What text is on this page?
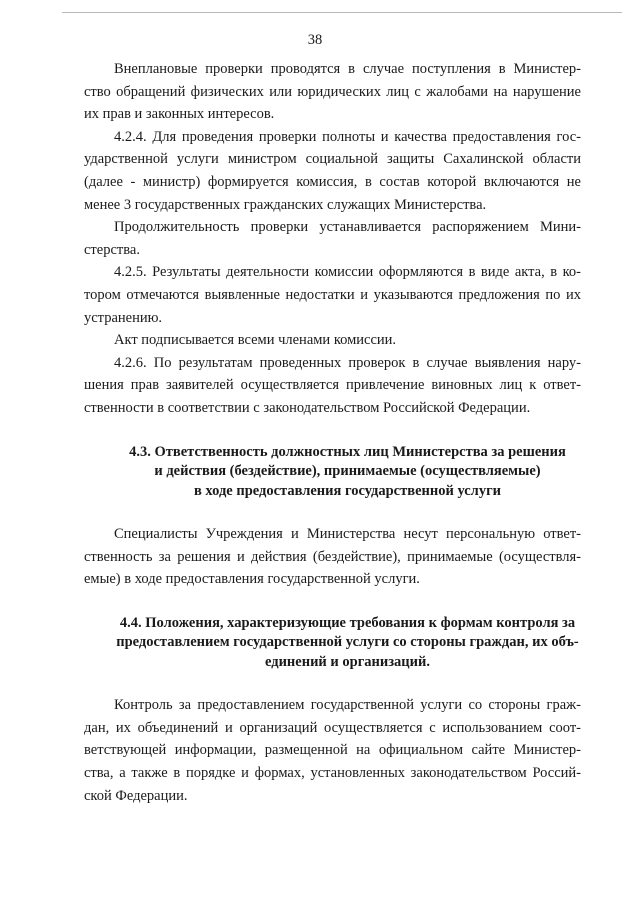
38
Внеплановые проверки проводятся в случае поступления в Министер-
ство обращений физических или юридических лиц с жалобами на нарушение
их прав и законных интересов.
4.2.4. Для проведения проверки полноты и качества предоставления гос-
ударственной услуги министром социальной защиты Сахалинской области
(далее - министр) формируется комиссия, в состав которой включаются не
менее 3 государственных гражданских служащих Министерства.
Продолжительность проверки устанавливается распоряжением Мини-
стерства.
4.2.5. Результаты деятельности комиссии оформляются в виде акта, в ко-
тором отмечаются выявленные недостатки и указываются предложения по их
устранению.
Акт подписывается всеми членами комиссии.
4.2.6. По результатам проведенных проверок в случае выявления нару-
шения прав заявителей осуществляется привлечение виновных лиц к ответ-
ственности в соответствии с законодательством Российской Федерации.
4.3. Ответственность должностных лиц Министерства за решения
и действия (бездействие), принимаемые (осуществляемые)
в ходе предоставления государственной услуги
Специалисты Учреждения и Министерства несут персональную ответ-
ственность за решения и действия (бездействие), принимаемые (осуществля-
емые) в ходе предоставления государственной услуги.
4.4. Положения, характеризующие требования к формам контроля за
предоставлением государственной услуги со стороны граждан, их объ-
единений и организаций.
Контроль за предоставлением государственной услуги со стороны граж-
дан, их объединений и организаций осуществляется с использованием соот-
ветствующей информации, размещенной на официальном сайте Министер-
ства, а также в порядке и формах, установленных законодательством Россий-
ской Федерации.
